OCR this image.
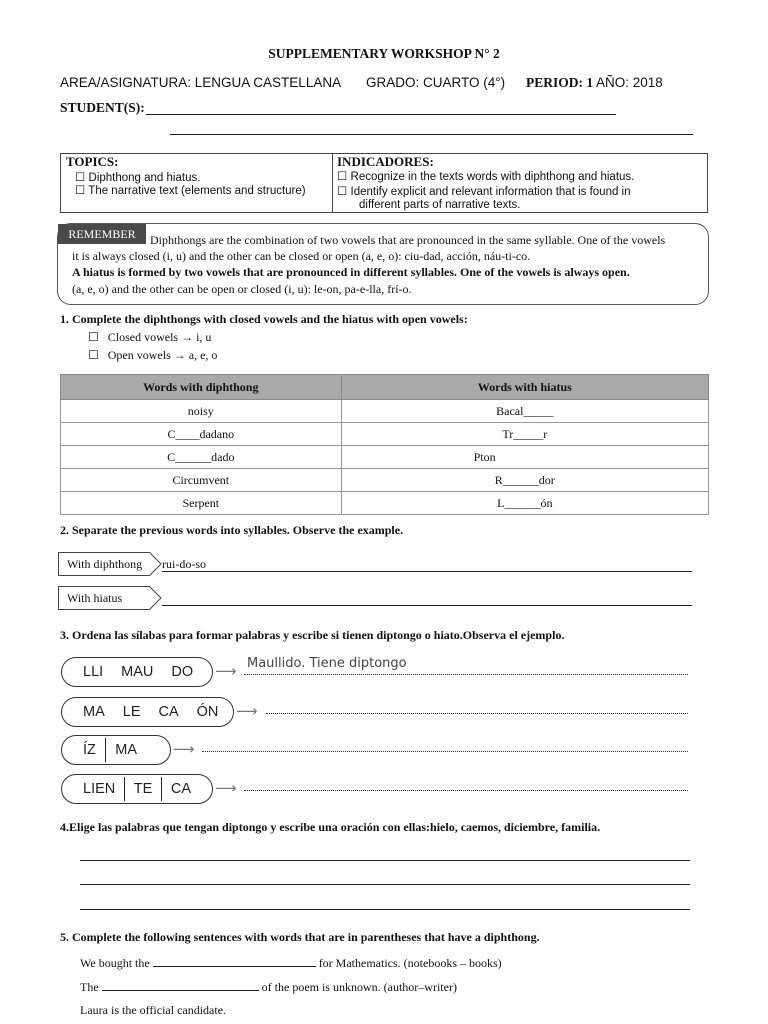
SUPPLEMENTARY WORKSHOP N° 2
AREA/ASIGNATURA: LENGUA CASTELLANA GRADO: CUARTO (4°) PERIOD: 1 AÑO: 2018
STUDENT(S):
TOPICS:
☐ Diphthong and hiatus.
☐ The narrative text (elements and structure)
INDICADORES:
☐ Recognize in the texts words with diphthong and hiatus.
☐ Identify explicit and relevant information that is found in
different parts of narrative texts.
REMEMBER	Diphthongs are the combination of two vowels that are pronounced in the same syllable. One of the vowels
it is always closed (i, u) and the other can be closed or open (a, e, o): ciu-dad, acción, náu-ti-co.
A hiatus is formed by two vowels that are pronounced in different syllables. One of the vowels is always open.
(a, e, o) and the other can be open or closed (i, u): le-on, pa-e-lla, frí-o.
1. Complete the diphthongs with closed vowels and the hiatus with open vowels:
☐   Closed vowels → i, u
☐   Open vowels → a, e, o
Words with diphthong	Words with hiatus
noisy	Bacal_____
C____dadano	Tr_____r
C______dado	Pton
Circumvent	R______dor
Serpent	L______ón
2. Separate the previous words into syllables. Observe the example.
With diphthong	rui-do-so
With hiatus
3. Ordena las sílabas para formar palabras y escribe si tienen diptongo o hiato.Observa el ejemplo.
LLI	MAU	DO	⟶ Maullido. Tiene diptongo
MA	LE	CA	ÓN	⟶
ÍZ	MA	⟶
LIEN	TE	CA	⟶
4.Elige las palabras que tengan diptongo y escribe una oración con ellas:hielo, caemos, diciembre, familia.
5. Complete the following sentences with words that are in parentheses that have a diphthong.
We bought the	for Mathematics. (notebooks – books)
The	of the poem is unknown. (author–writer)
Laura is the official candidate.
